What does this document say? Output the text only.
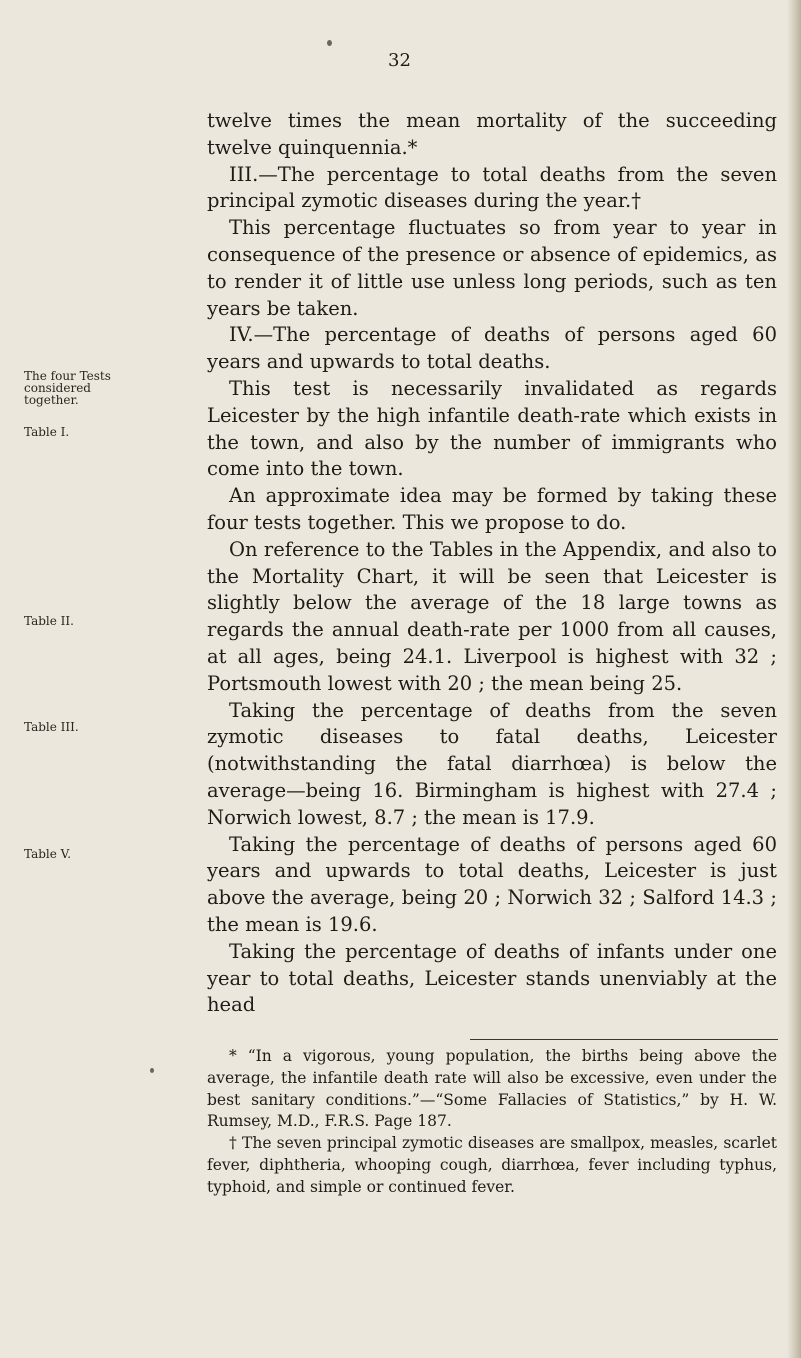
32
The four Tests considered together.
Table I.
Table II.
Table III.
Table V.

twelve times the mean mortality of the succeeding twelve quinquennia.*

III.—The percentage to total deaths from the seven principal zymotic diseases during the year.†

This percentage fluctuates so from year to year in consequence of the presence or absence of epidemics, as to render it of little use unless long periods, such as ten years be taken.

IV.—The percentage of deaths of persons aged 60 years and upwards to total deaths.

This test is necessarily invalidated as regards Leicester by the high infantile death-rate which exists in the town, and also by the number of immigrants who come into the town.

An approximate idea may be formed by taking these four tests together. This we propose to do.

On reference to the Tables in the Appendix, and also to the Mortality Chart, it will be seen that Leicester is slightly below the average of the 18 large towns as regards the annual death-rate per 1000 from all causes, at all ages, being 24.1. Liverpool is highest with 32 ; Portsmouth lowest with 20 ; the mean being 25.

Taking the percentage of deaths from the seven zymotic diseases to fatal deaths, Leicester (notwithstanding the fatal diarrhœa) is below the average—being 16. Birmingham is highest with 27.4 ; Norwich lowest, 8.7 ; the mean is 17.9.

Taking the percentage of deaths of persons aged 60 years and upwards to total deaths, Leicester is just above the average, being 20 ; Norwich 32 ; Salford 14.3 ; the mean is 19.6.

Taking the percentage of deaths of infants under one year to total deaths, Leicester stands unenviably at the head

* “In a vigorous, young population, the births being above the average, the infantile death rate will also be excessive, even under the best sanitary conditions.”—“Some Fallacies of Statistics,” by H. W. Rumsey, M.D., F.R.S. Page 187.

† The seven principal zymotic diseases are smallpox, measles, scarlet fever, diphtheria, whooping cough, diarrhœa, fever including typhus, typhoid, and simple or continued fever.
